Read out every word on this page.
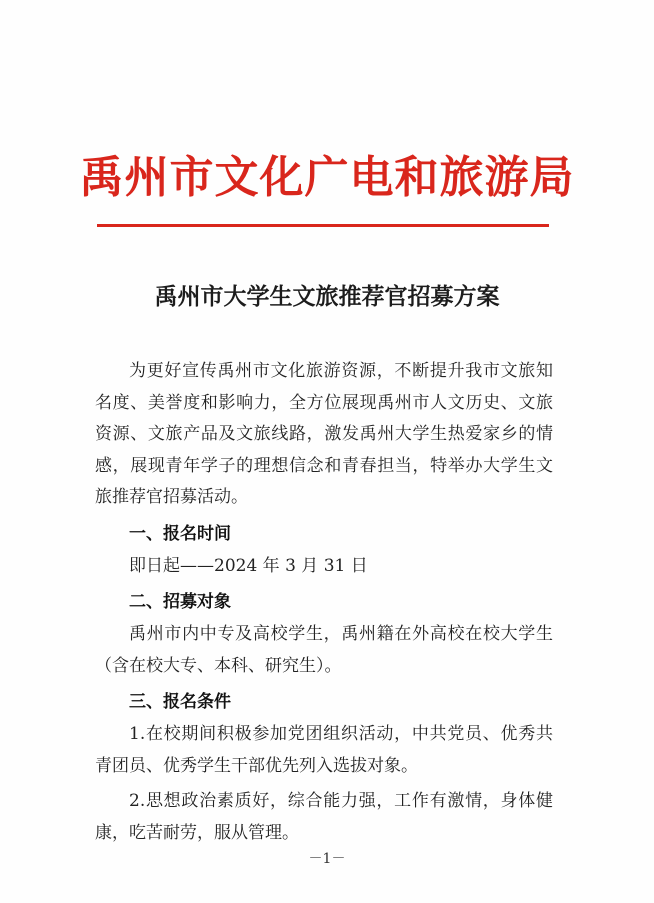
禹州市文化广电和旅游局
禹州市大学生文旅推荐官招募方案

为更好宣传禹州市文化旅游资源，不断提升我市文旅知名度、美誉度和影响力，全方位展现禹州市人文历史、文旅资源、文旅产品及文旅线路，激发禹州大学生热爱家乡的情感，展现青年学子的理想信念和青春担当，特举办大学生文旅推荐官招募活动。

一、报名时间

即日起——2024 年 3 月 31 日

二、招募对象

禹州市内中专及高校学生，禹州籍在外高校在校大学生（含在校大专、本科、研究生）。

三、报名条件

1.在校期间积极参加党团组织活动，中共党员、优秀共青团员、优秀学生干部优先列入选拔对象。

2.思想政治素质好，综合能力强，工作有激情，身体健康，吃苦耐劳，服从管理。

－1－
